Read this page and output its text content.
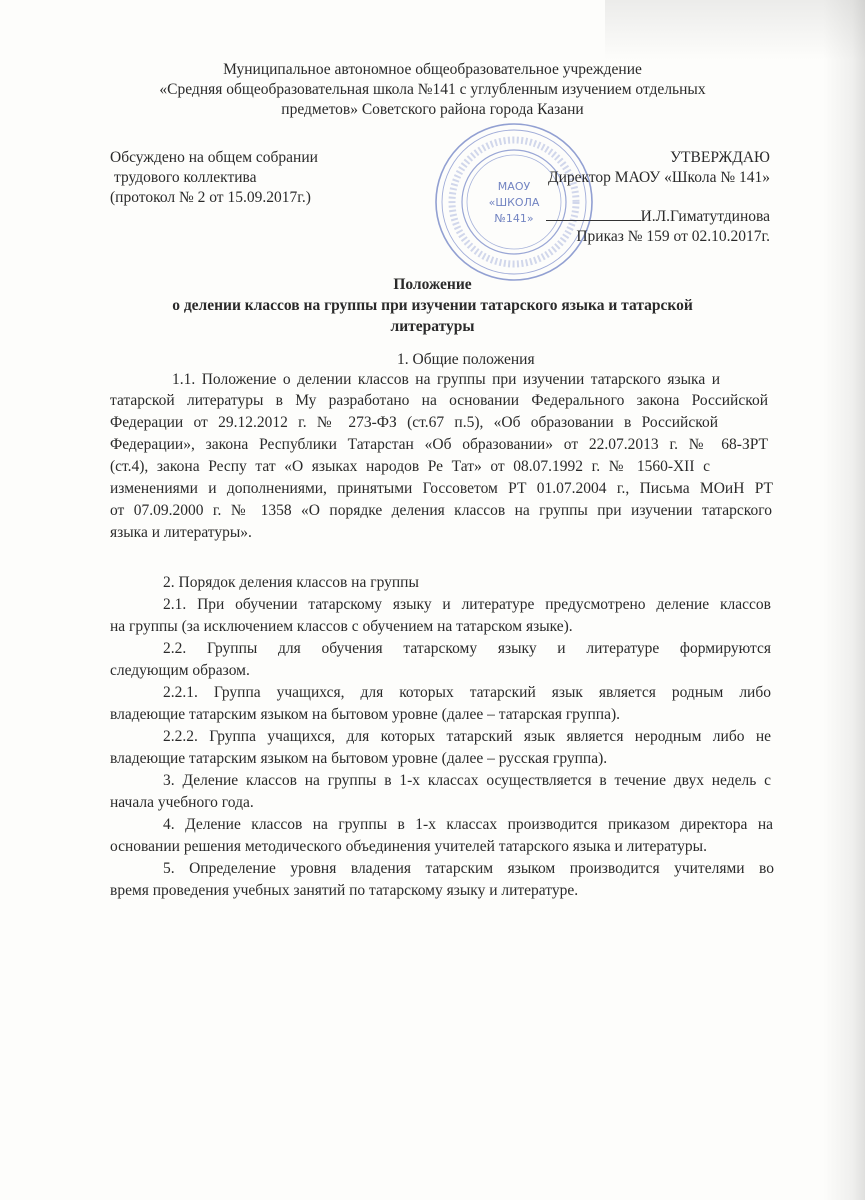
Муниципальное автономное общеобразовательное учреждение
«Средняя общеобразовательная школа №141 с углубленным изучением отдельных
предметов» Советского района города Казани
МАОУ
«ШКОЛА
№141»
Обсуждено на общем собрании
трудового коллектива
(протокол № 2 от 15.09.2017г.)
УТВЕРЖДАЮ
Директор МАОУ «Школа № 141»
И.Л.Гиматутдинова
Приказ № 159 от 02.10.2017г.
Положение
о делении классов на группы при изучении татарского языка и татарской
литературы
1. Общие положения
1.1. Положение о делении классов на группы при изучении татарского языка и
татарской литературы в Му разработано на основании Федерального закона Российской
Федерации от 29.12.2012 г. № 273-ФЗ (ст.67 п.5), «Об образовании в Российской
Федерации», закона Республики Татарстан «Об образовании» от 22.07.2013 г. № 68-ЗРТ
(ст.4), закона Респу тат «О языках народов Ре Тат» от 08.07.1992 г. № 1560-XII с
изменениями и дополнениями, принятыми Госсоветом РТ 01.07.2004 г., Письма МОиН РТ
от 07.09.2000 г. № 1358 «О порядке деления классов на группы при изучении татарского
языка и литературы».
2. Порядок деления классов на группы
2.1. При обучении татарскому языку и литературе предусмотрено деление классов
на группы (за исключением классов с обучением на татарском языке).
2.2. Группы для обучения татарскому языку и литературе формируются
следующим образом.
2.2.1. Группа учащихся, для которых татарский язык является родным либо
владеющие татарским языком на бытовом уровне (далее – татарская группа).
2.2.2. Группа учащихся, для которых татарский язык является неродным либо не
владеющие татарским языком на бытовом уровне (далее – русская группа).
3. Деление классов на группы в 1-х классах осуществляется в течение двух недель с
начала учебного года.
4. Деление классов на группы в 1-х классах производится приказом директора на
основании решения методического объединения учителей татарского языка и литературы.
5. Определение уровня владения татарским языком производится учителями во
время проведения учебных занятий по татарскому языку и литературе.
